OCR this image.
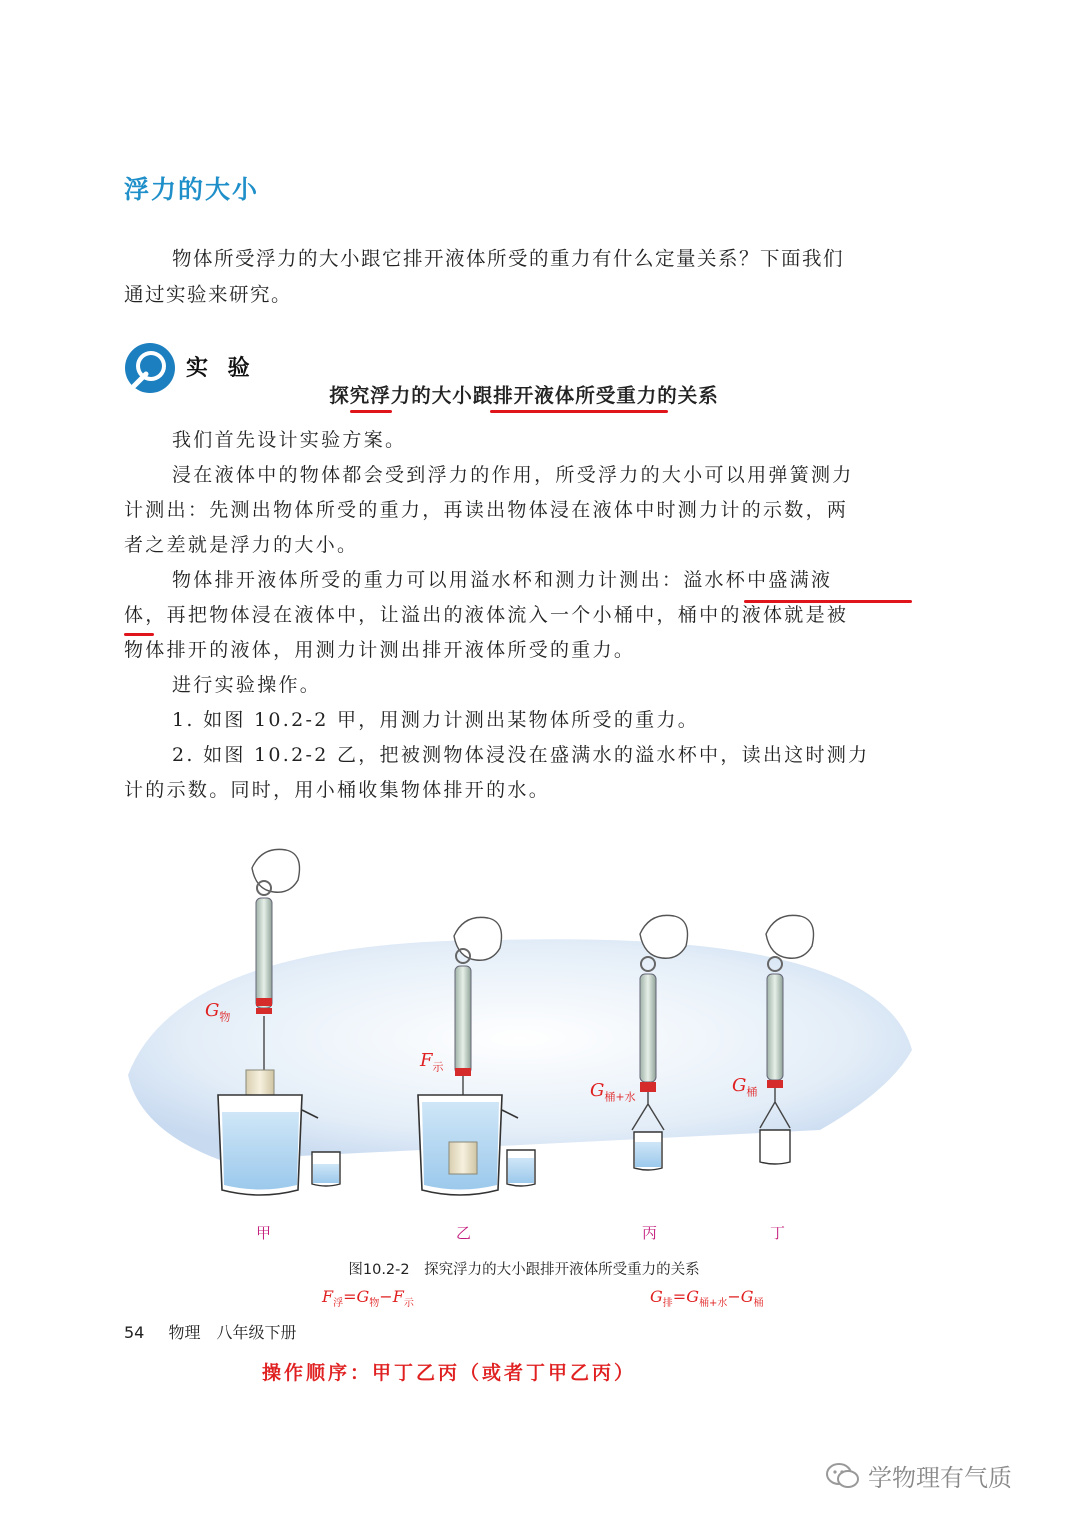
浮力的大小
物体所受浮力的大小跟它排开液体所受的重力有什么定量关系？下面我们
通过实验来研究。
实 验
探究浮力的大小跟排开液体所受重力的关系

我们首先设计实验方案。

浸在液体中的物体都会受到浮力的作用，所受浮力的大小可以用弹簧测力

计测出：先测出物体所受的重力，再读出物体浸在液体中时测力计的示数，两

者之差就是浮力的大小。

物体排开液体所受的重力可以用溢水杯和测力计测出：溢水杯中盛满液

体，再把物体浸在液体中，让溢出的液体流入一个小桶中，桶中的液体就是被

物体排开的液体，用测力计测出排开液体所受的重力。

进行实验操作。

1. 如图 10.2-2 甲，用测力计测出某物体所受的重力。

2. 如图 10.2-2 乙，把被测物体浸没在盛满水的溢水杯中，读出这时测力

计的示数。同时，用小桶收集物体排开的水。

$G_物$
$F_示$
$G_{桶+水}$
$G_桶$
甲	乙	丙	丁
图10.2-2　探究浮力的大小跟排开液体所受重力的关系
$F_浮=G_物-F_示$	$G_排=G_{桶+水}-G_桶$
54 物理　八年级下册
操作顺序：甲丁乙丙（或者丁甲乙丙）
学物理有气质
